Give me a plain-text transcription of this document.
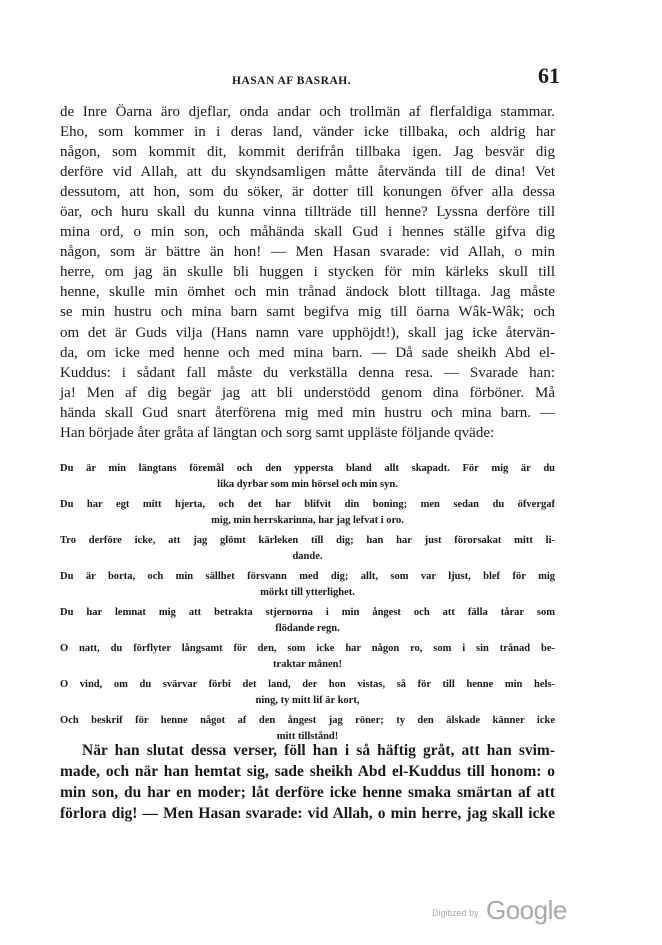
HASAN AF BASRAH.	61
de Inre Öarna äro djeflar, onda andar och trollmän af flerfaldiga stammar.
Eho, som kommer in i deras land, vänder icke tillbaka, och aldrig har
någon, som kommit dit, kommit derifrån tillbaka igen. Jag besvär dig
derföre vid Allah, att du skyndsamligen måtte återvända till de dina! Vet
dessutom, att hon, som du söker, är dotter till konungen öfver alla dessa
öar, och huru skall du kunna vinna tillträde till henne? Lyssna derföre till
mina ord, o min son, och måhända skall Gud i hennes ställe gifva dig
någon, som är bättre än hon! — Men Hasan svarade: vid Allah, o min
herre, om jag än skulle bli huggen i stycken för min kärleks skull till
henne, skulle min ömhet och min trånad ändock blott tilltaga. Jag måste
se min hustru och mina barn samt begifva mig till öarna Wâk-Wâk; och
om det är Guds vilja (Hans namn vare upphöjdt!), skall jag icke återvän-
da, om icke med henne och med mina barn. — Då sade sheikh Abd el-
Kuddus: i sådant fall måste du verkställa denna resa. — Svarade han:
ja! Men af dig begär jag att bli understödd genom dina förböner. Må
hända skall Gud snart återförena mig med min hustru och mina barn. —
Han började åter gråta af längtan och sorg samt uppläste följande qväde:
Du är min längtans föremål och den yppersta bland allt skapadt. För mig är du
lika dyrbar som min hörsel och min syn.
Du har egt mitt hjerta, och det har blifvit din boning; men sedan du öfvergaf
mig, min herrskarinna, har jag lefvat i oro.
Tro derföre icke, att jag glömt kärleken till dig; han har just förorsakat mitt li-
dande.
Du är borta, och min sällhet försvann med dig; allt, som var ljust, blef för mig
mörkt till ytterlighet.
Du har lemnat mig att betrakta stjernorna i min ångest och att fälla tårar som
flödande regn.
O natt, du förflyter långsamt för den, som icke har någon ro, som i sin trånad be-
traktar månen!
O vind, om du svärvar förbi det land, der hon vistas, så för till henne min hels-
ning, ty mitt lif är kort,
Och beskrif för henne något af den ångest jag röner; ty den älskade känner icke
mitt tillstånd!
När han slutat dessa verser, föll han i så häftig gråt, att han svim-
made, och när han hemtat sig, sade sheikh Abd el-Kuddus till honom: o
min son, du har en moder; låt derföre icke henne smaka smärtan af att
förlora dig! — Men Hasan svarade: vid Allah, o min herre, jag skall icke
Digitized by Google
